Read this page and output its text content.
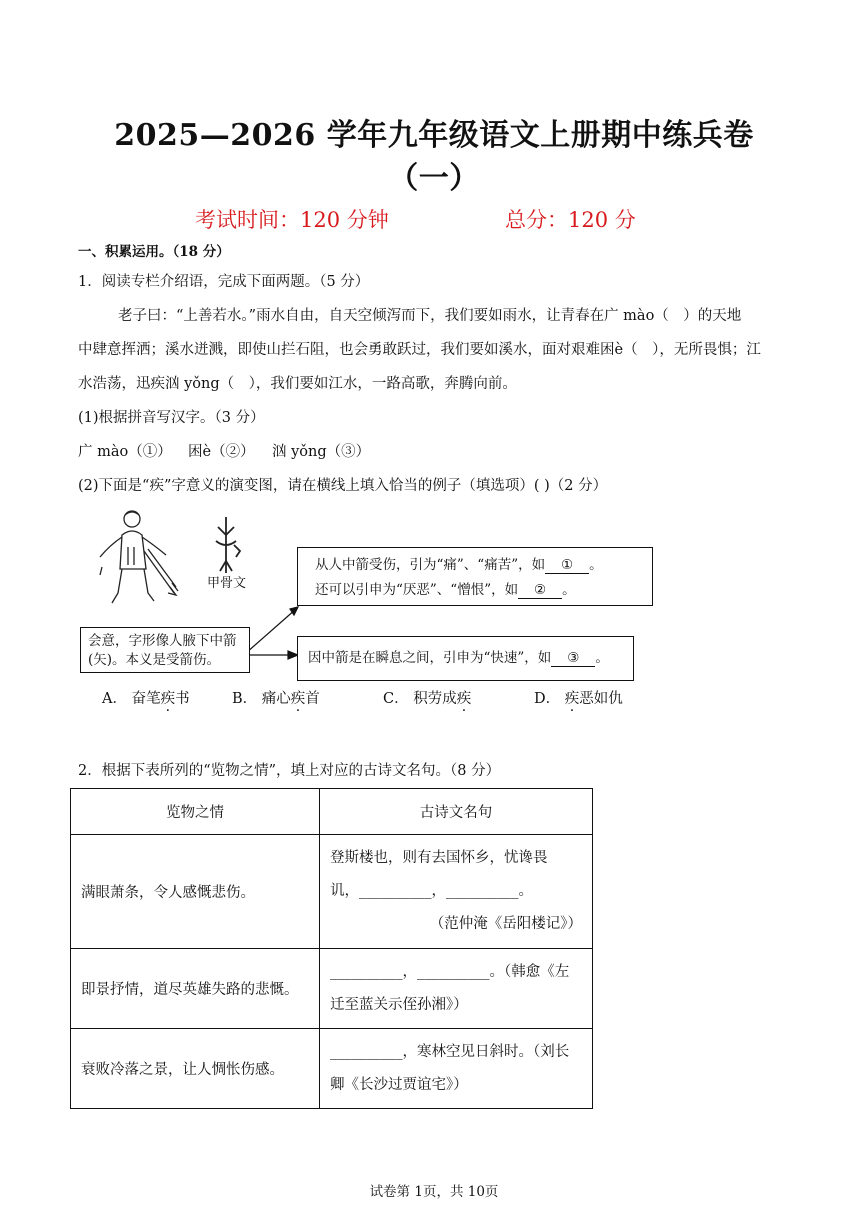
2025—2026 学年九年级语文上册期中练兵卷
（一）
考试时间：120 分钟	总分：120 分
一、积累运用。（18 分）
1．阅读专栏介绍语，完成下面两题。（5 分）
老子曰：“上善若水。”雨水自由，自天空倾泻而下，我们要如雨水，让青春在广 mào（　）的天地
中肆意挥洒；溪水迸溅，即使山拦石阻，也会勇敢跃过，我们要如溪水，面对艰难困è（　），无所畏惧；江
水浩荡，迅疾汹 yǒng（　），我们要如江水，一路高歌，奔腾向前。
(1)根据拼音写汉字。（3 分）
广 mào（①） 困è（②） 汹 yǒng（③）
(2)下面是“疾”字意义的演变图，请在横线上填入恰当的例子（填选项）( )（2 分）
甲骨文
会意，字形像人腋下中箭
(矢)。本义是受箭伤。
从人中箭受伤，引为“痛”、“痛苦”，如 ① 。
还可以引申为“厌恶”、“憎恨”，如 ② 。
因中箭是在瞬息之间，引申为“快速”，如 ③ 。
A． 奋笔疾书	B． 痛心疾首	C． 积劳成疾	D． 疾恶如仇
2．根据下表所列的“览物之情”，填上对应的古诗文名句。（8 分）
览物之情	古诗文名句
满眼萧条，令人感慨悲伤。	登斯楼也，则有去国怀乡，忧谗畏
讥，__________，__________。
（范仲淹《岳阳楼记》）

即景抒情，道尽英雄失路的悲慨。	__________，__________。（韩愈《左
迁至蓝关示侄孙湘》）

衰败冷落之景，让人惆怅伤感。	__________，寒林空见日斜时。（刘长
卿《长沙过贾谊宅》）
试卷第 1页，共 10页
